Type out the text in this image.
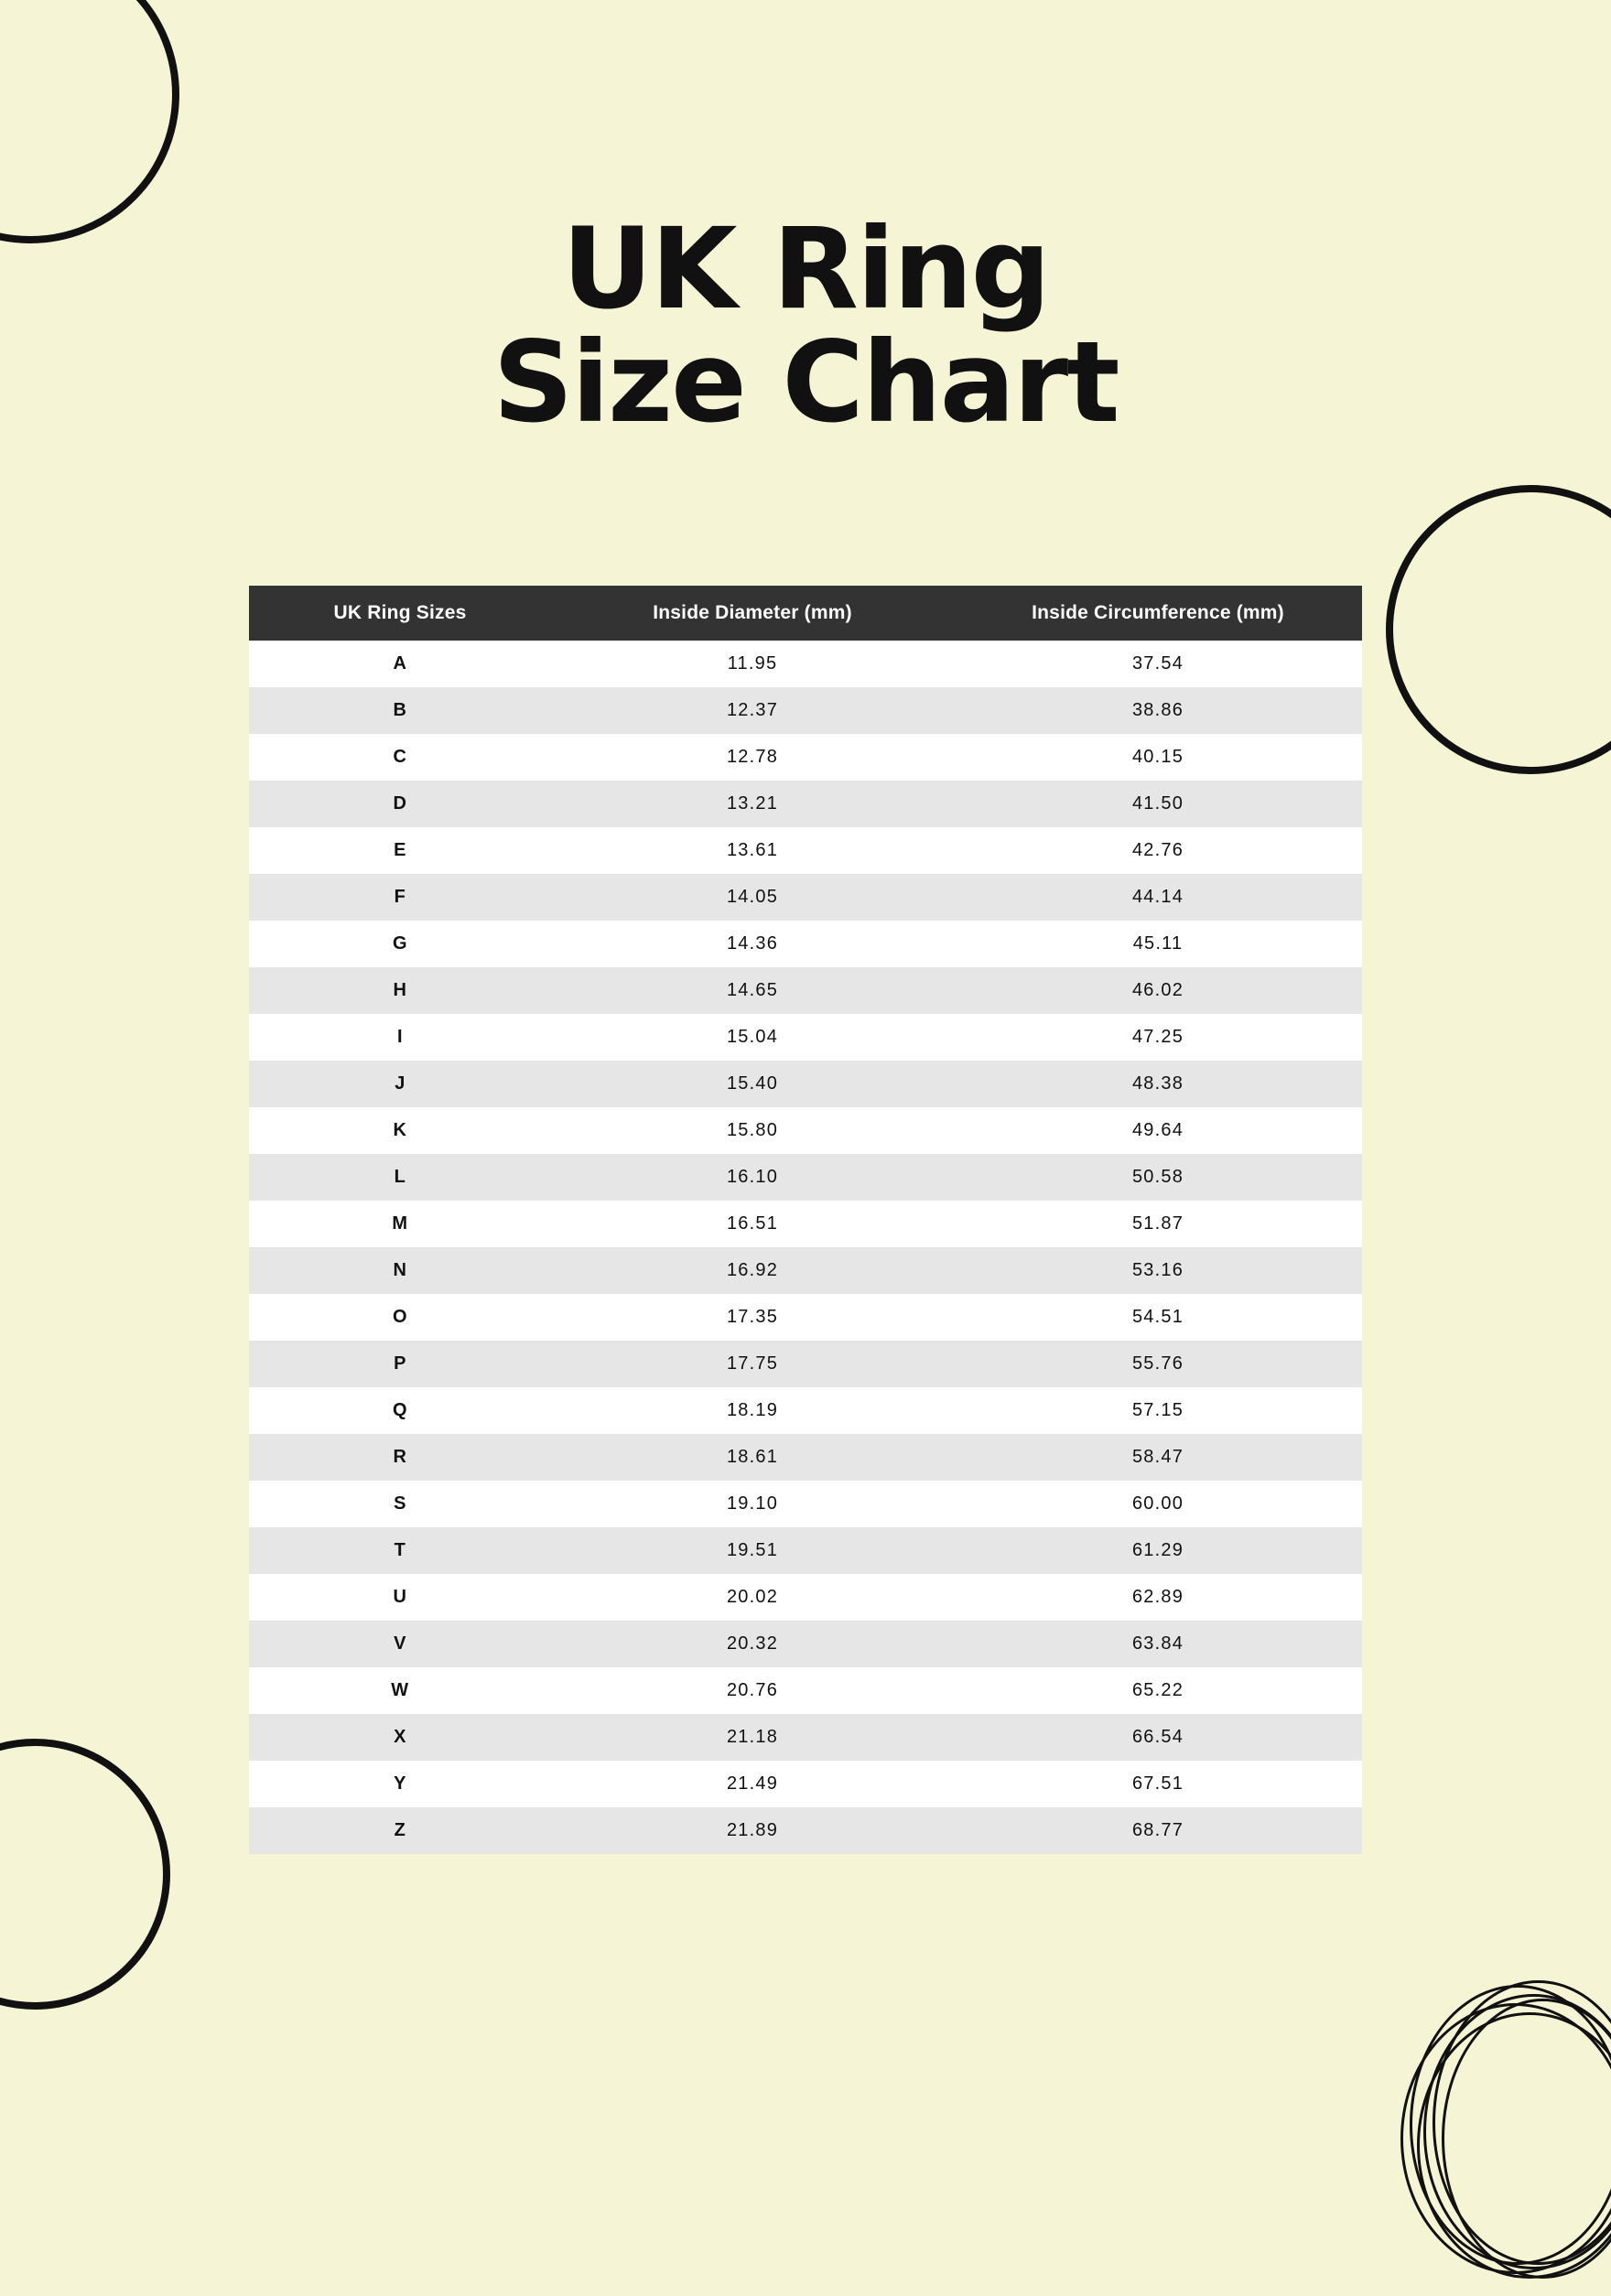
UK Ring
Size Chart
UK Ring Sizes	Inside Diameter (mm)	Inside Circumference (mm)
A	11.95	37.54
B	12.37	38.86
C	12.78	40.15
D	13.21	41.50
E	13.61	42.76
F	14.05	44.14
G	14.36	45.11
H	14.65	46.02
I	15.04	47.25
J	15.40	48.38
K	15.80	49.64
L	16.10	50.58
M	16.51	51.87
N	16.92	53.16
O	17.35	54.51
P	17.75	55.76
Q	18.19	57.15
R	18.61	58.47
S	19.10	60.00
T	19.51	61.29
U	20.02	62.89
V	20.32	63.84
W	20.76	65.22
X	21.18	66.54
Y	21.49	67.51
Z	21.89	68.77
